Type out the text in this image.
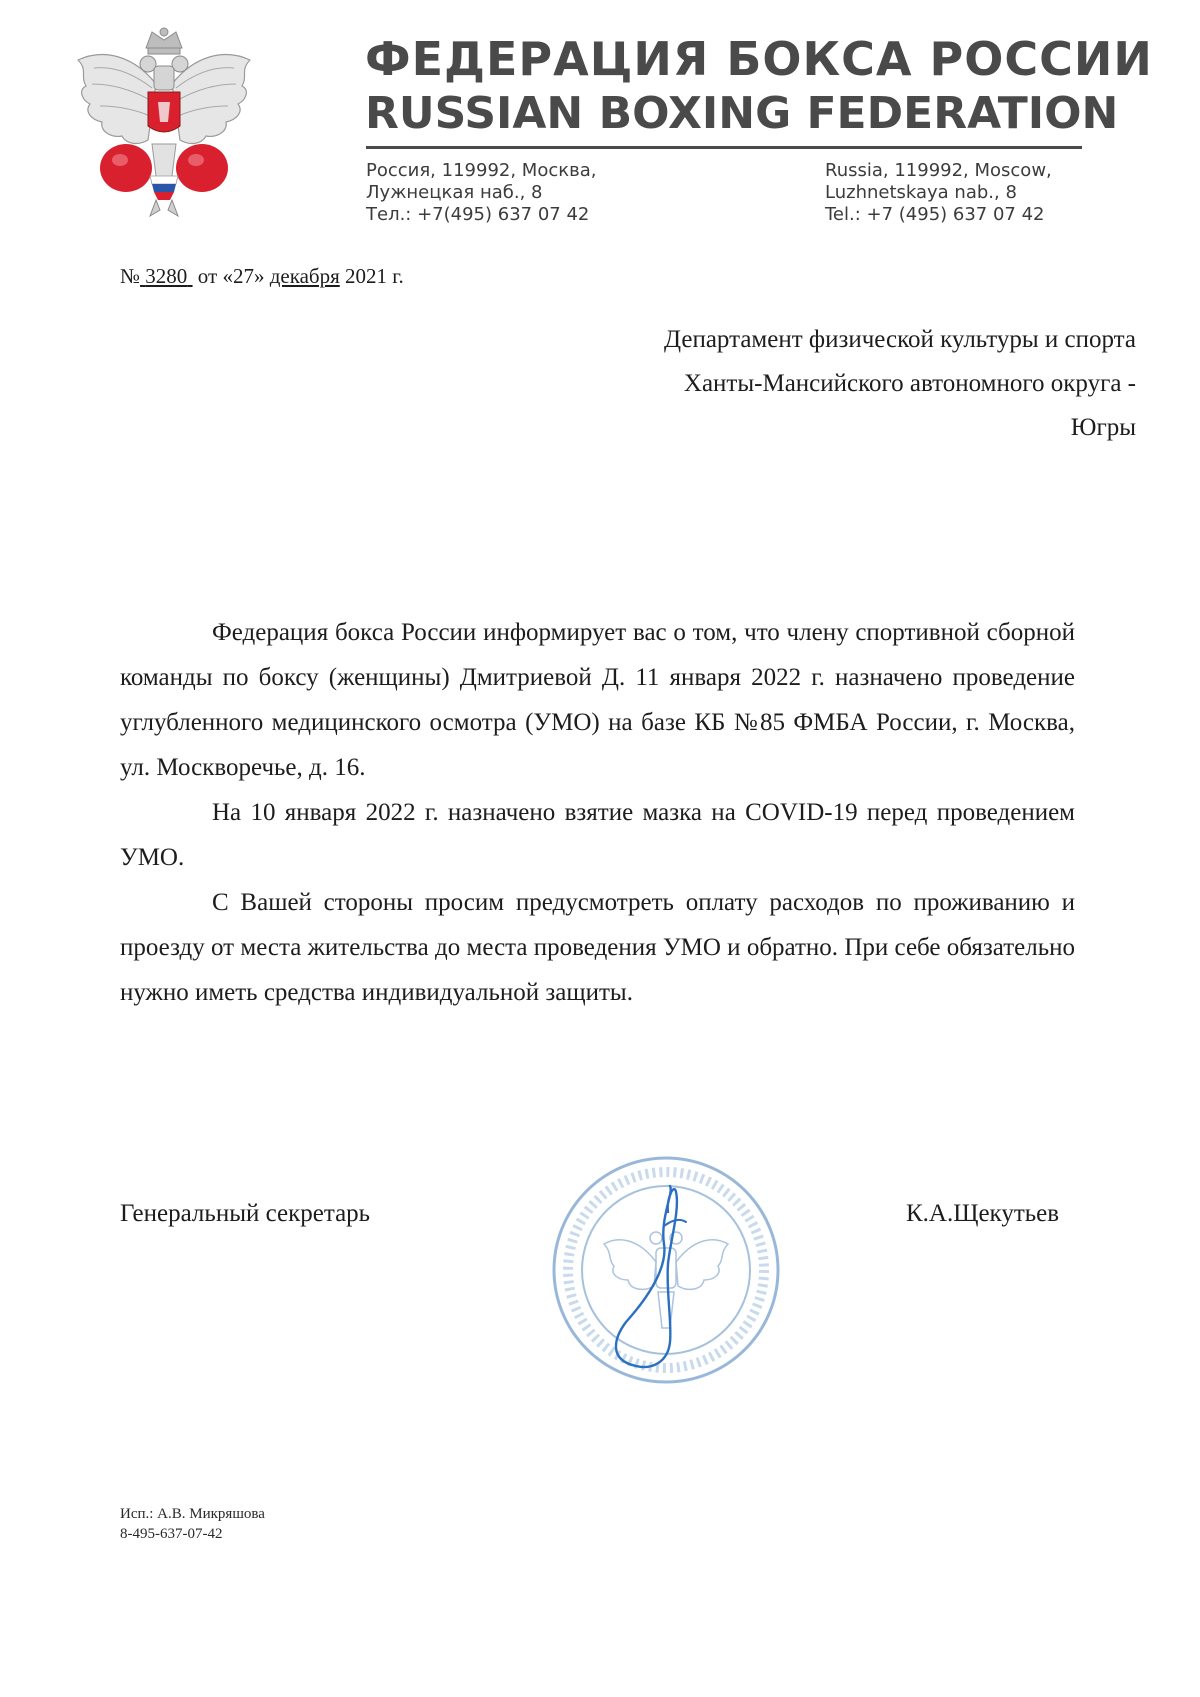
ФЕДЕРАЦИЯ БОКСА РОССИИ
RUSSIAN BOXING FEDERATION
Россия, 119992, Москва,
Лужнецкая наб., 8
Тел.: +7(495) 637 07 42
Russia, 119992, Moscow,
Luzhnetskaya nab., 8
Tel.: +7 (495) 637 07 42
№ 3280 от «27» декабря 2021 г.
Департамент физической культуры и спорта
Ханты-Мансийского автономного округа -
Югры

Федерация бокса России информирует вас о том, что члену спортивной сборной команды по боксу (женщины) Дмитриевой Д. 11 января 2022 г. назначено проведение углубленного медицинского осмотра (УМО) на базе КБ №85 ФМБА России, г. Москва, ул. Москворечье, д. 16.

На 10 января 2022 г. назначено взятие мазка на COVID-19 перед проведением УМО.

С Вашей стороны просим предусмотреть оплату расходов по проживанию и проезду от места жительства до места проведения УМО и обратно. При себе обязательно нужно иметь средства индивидуальной защиты.

Генеральный секретарь	К.А.Щекутьев
Исп.: А.В. Микряшова
8-495-637-07-42
